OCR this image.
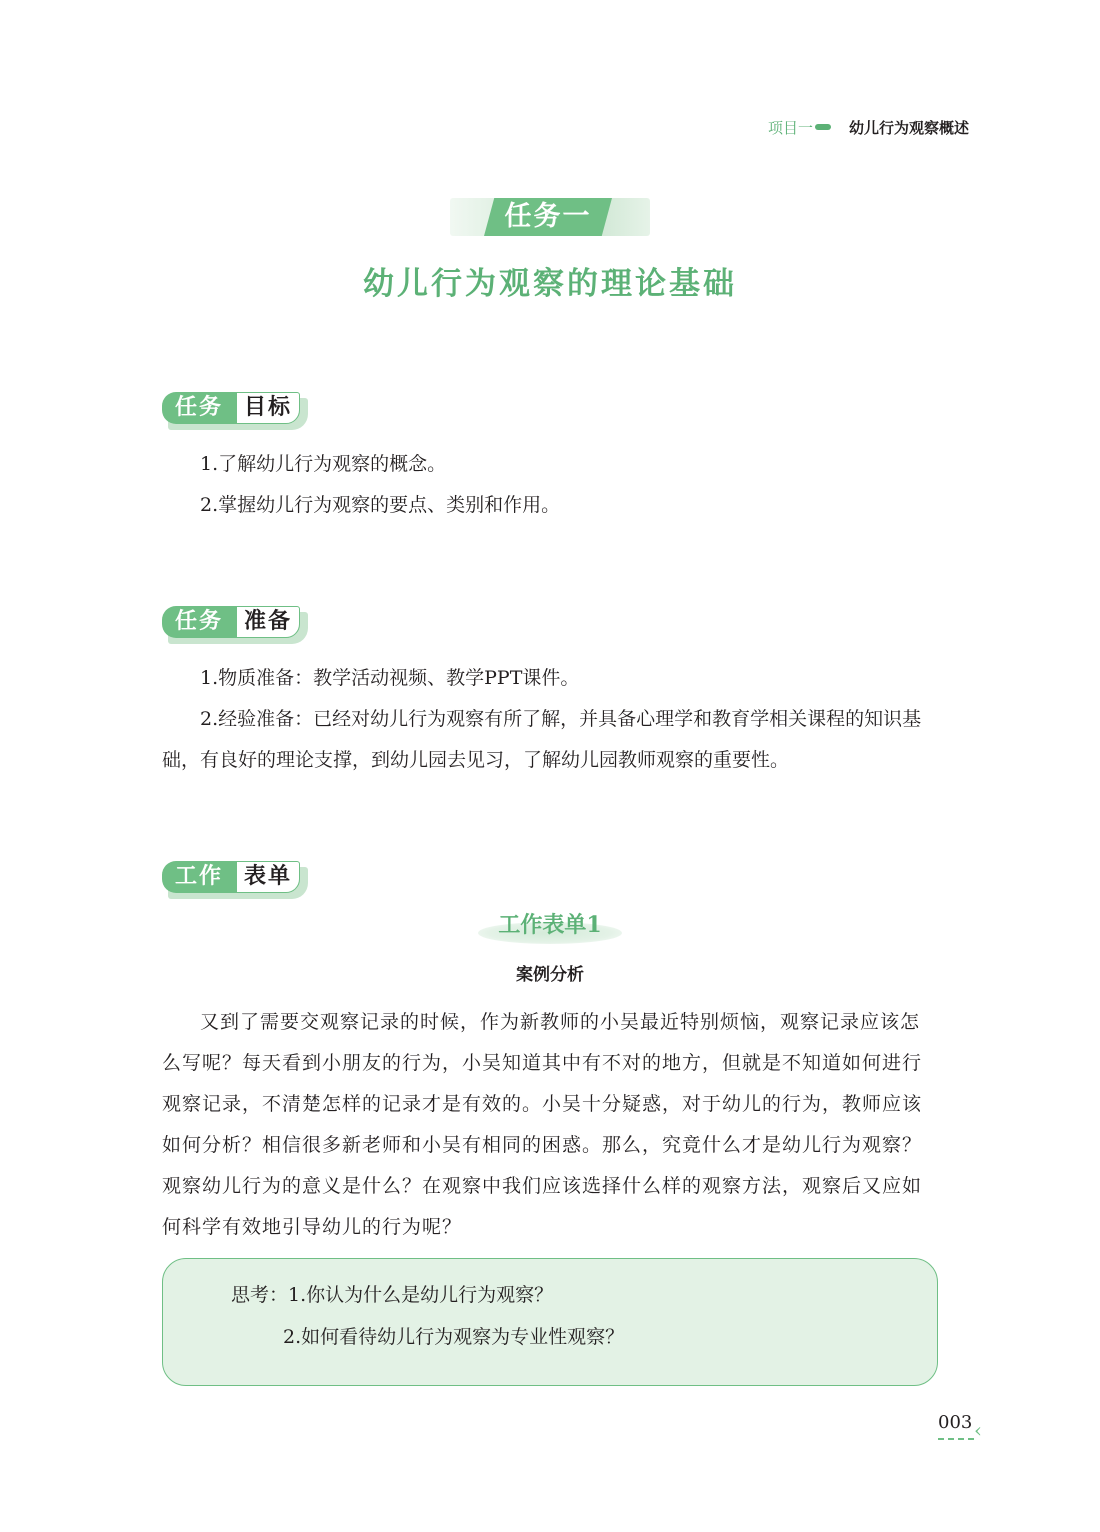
项目一 幼儿行为观察概述
任务一
幼儿行为观察的理论基础
任务 目标

1.了解幼儿行为观察的概念。

2.掌握幼儿行为观察的要点、类别和作用。

任务 准备

1.物质准备：教学活动视频、教学PPT课件。

2.经验准备：已经对幼儿行为观察有所了解，并具备心理学和教育学相关课程的知识基础，有良好的理论支撑，到幼儿园去见习，了解幼儿园教师观察的重要性。

工作 表单
工作表单1
案例分析

又到了需要交观察记录的时候，作为新教师的小吴最近特别烦恼，观察记录应该怎么写呢？每天看到小朋友的行为，小吴知道其中有不对的地方，但就是不知道如何进行观察记录，不清楚怎样的记录才是有效的。小吴十分疑惑，对于幼儿的行为，教师应该如何分析？相信很多新老师和小吴有相同的困惑。那么，究竟什么才是幼儿行为观察？观察幼儿行为的意义是什么？在观察中我们应该选择什么样的观察方法，观察后又应如何科学有效地引导幼儿的行为呢？

思考：1.你认为什么是幼儿行为观察？
2.如何看待幼儿行为观察为专业性观察？
003 ‹
